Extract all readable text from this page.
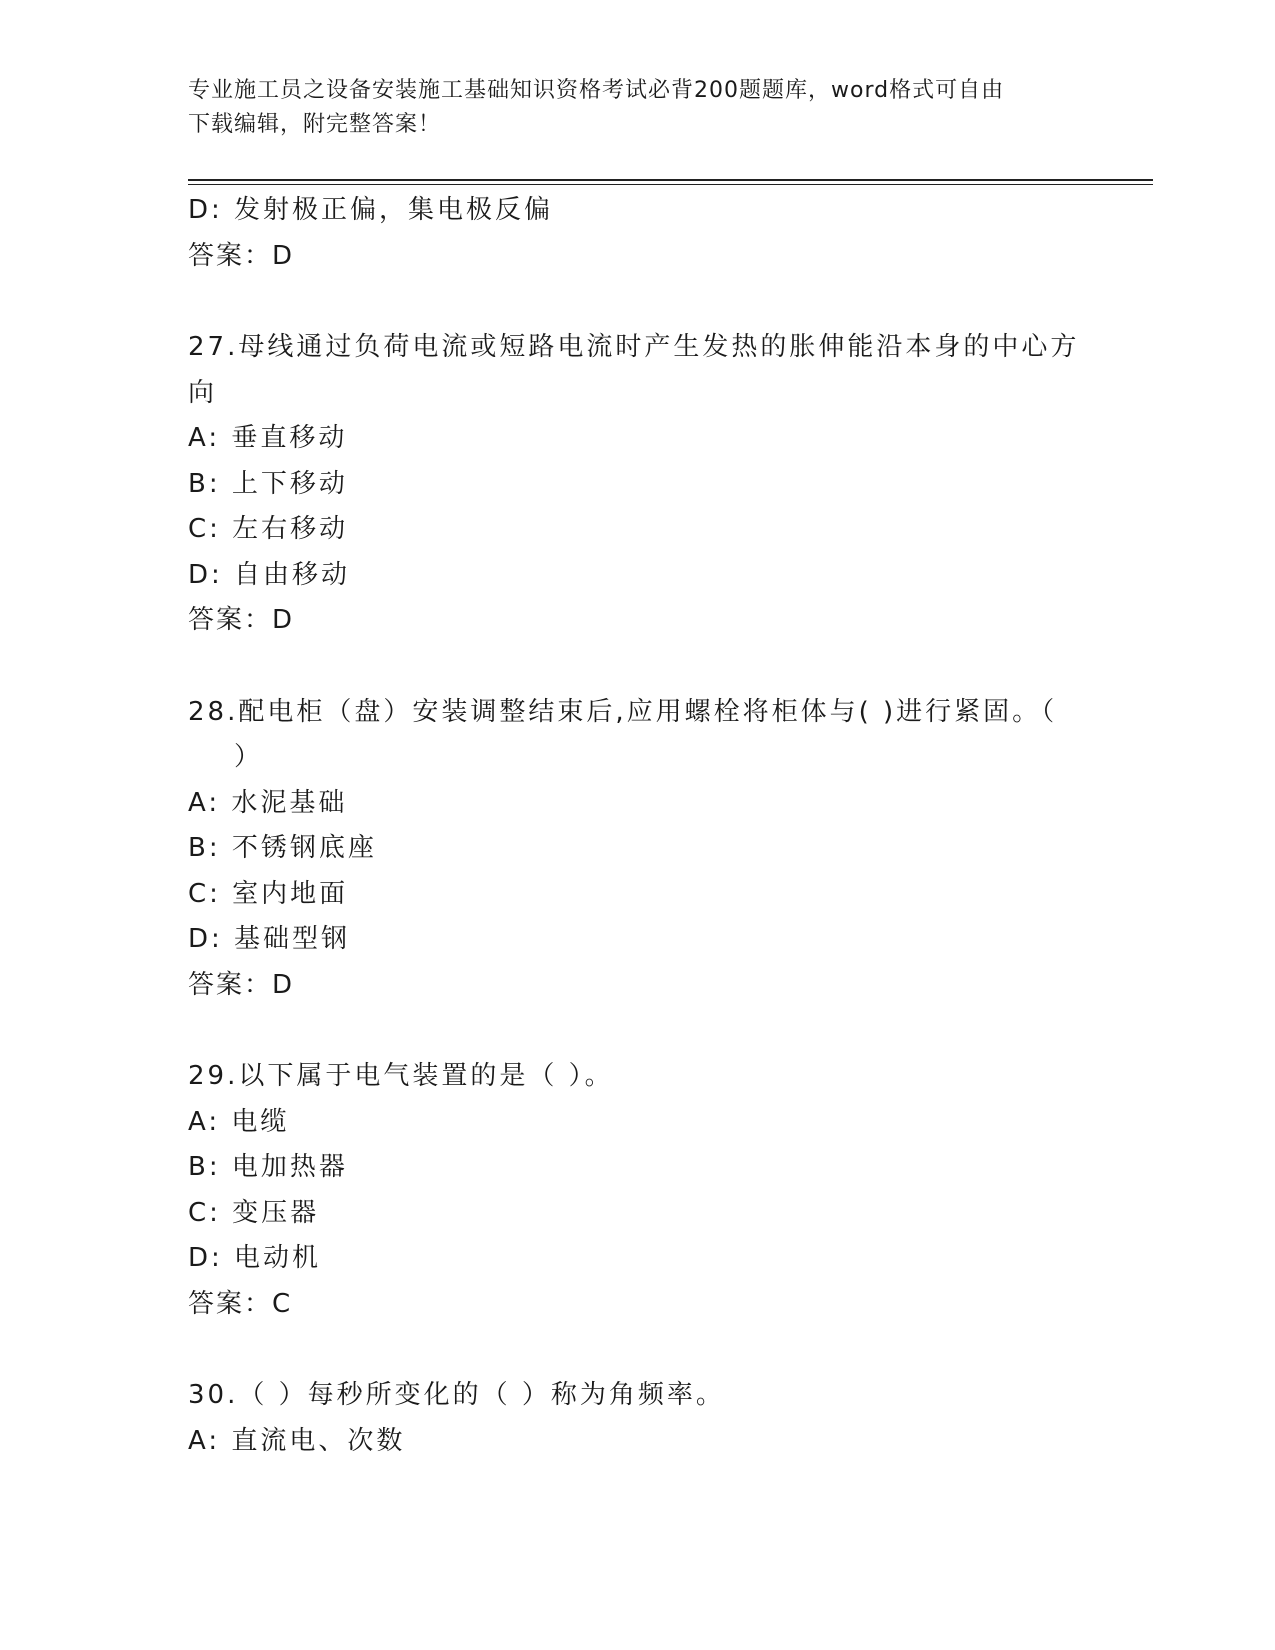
专业施工员之设备安装施工基础知识资格考试必背200题题库，word格式可自由
下载编辑，附完整答案！
D: 发射极正偏，集电极反偏
答案：D
27.母线通过负荷电流或短路电流时产生发热的胀伸能沿本身的中心方
向
A: 垂直移动
B: 上下移动
C: 左右移动
D: 自由移动
答案：D
28.配电柜（盘）安装调整结束后,应用螺栓将柜体与( )进行紧固。（
）
A: 水泥基础
B: 不锈钢底座
C: 室内地面
D: 基础型钢
答案：D
29.以下属于电气装置的是（ ）。
A: 电缆
B: 电加热器
C: 变压器
D: 电动机
答案：C
30.（ ）每秒所变化的（ ）称为角频率。
A: 直流电、次数
